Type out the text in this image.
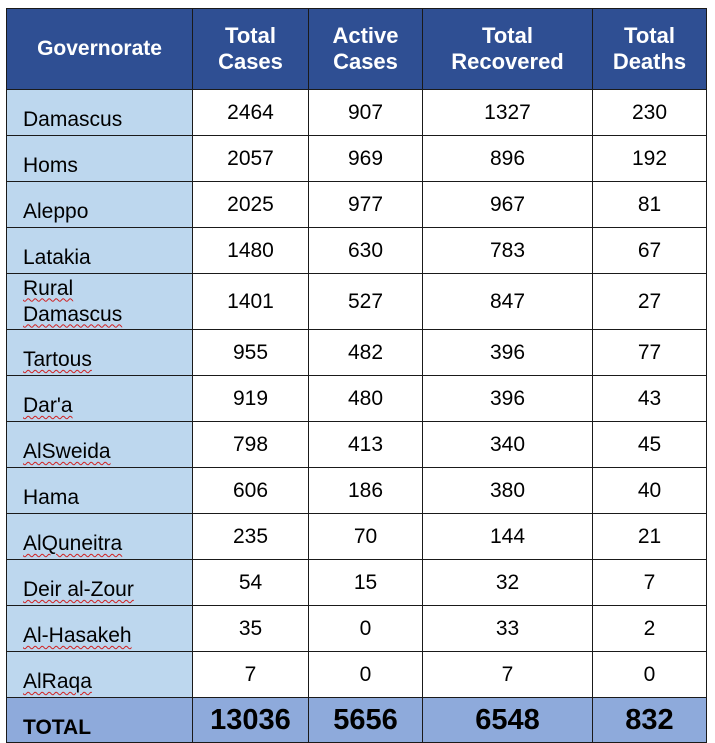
Governorate	Total Cases	Active Cases	Total Recovered	Total Deaths
Damascus	2464	907	1327	230
Homs	2057	969	896	192
Aleppo	2025	977	967	81
Latakia	1480	630	783	67
Rural Damascus	1401	527	847	27
Tartous	955	482	396	77
Dar'a	919	480	396	43
AlSweida	798	413	340	45
Hama	606	186	380	40
AlQuneitra	235	70	144	21
Deir al-Zour	54	15	32	7
Al-Hasakeh	35	0	33	2
AlRaqa	7	0	7	0
TOTAL	13036	5656	6548	832
